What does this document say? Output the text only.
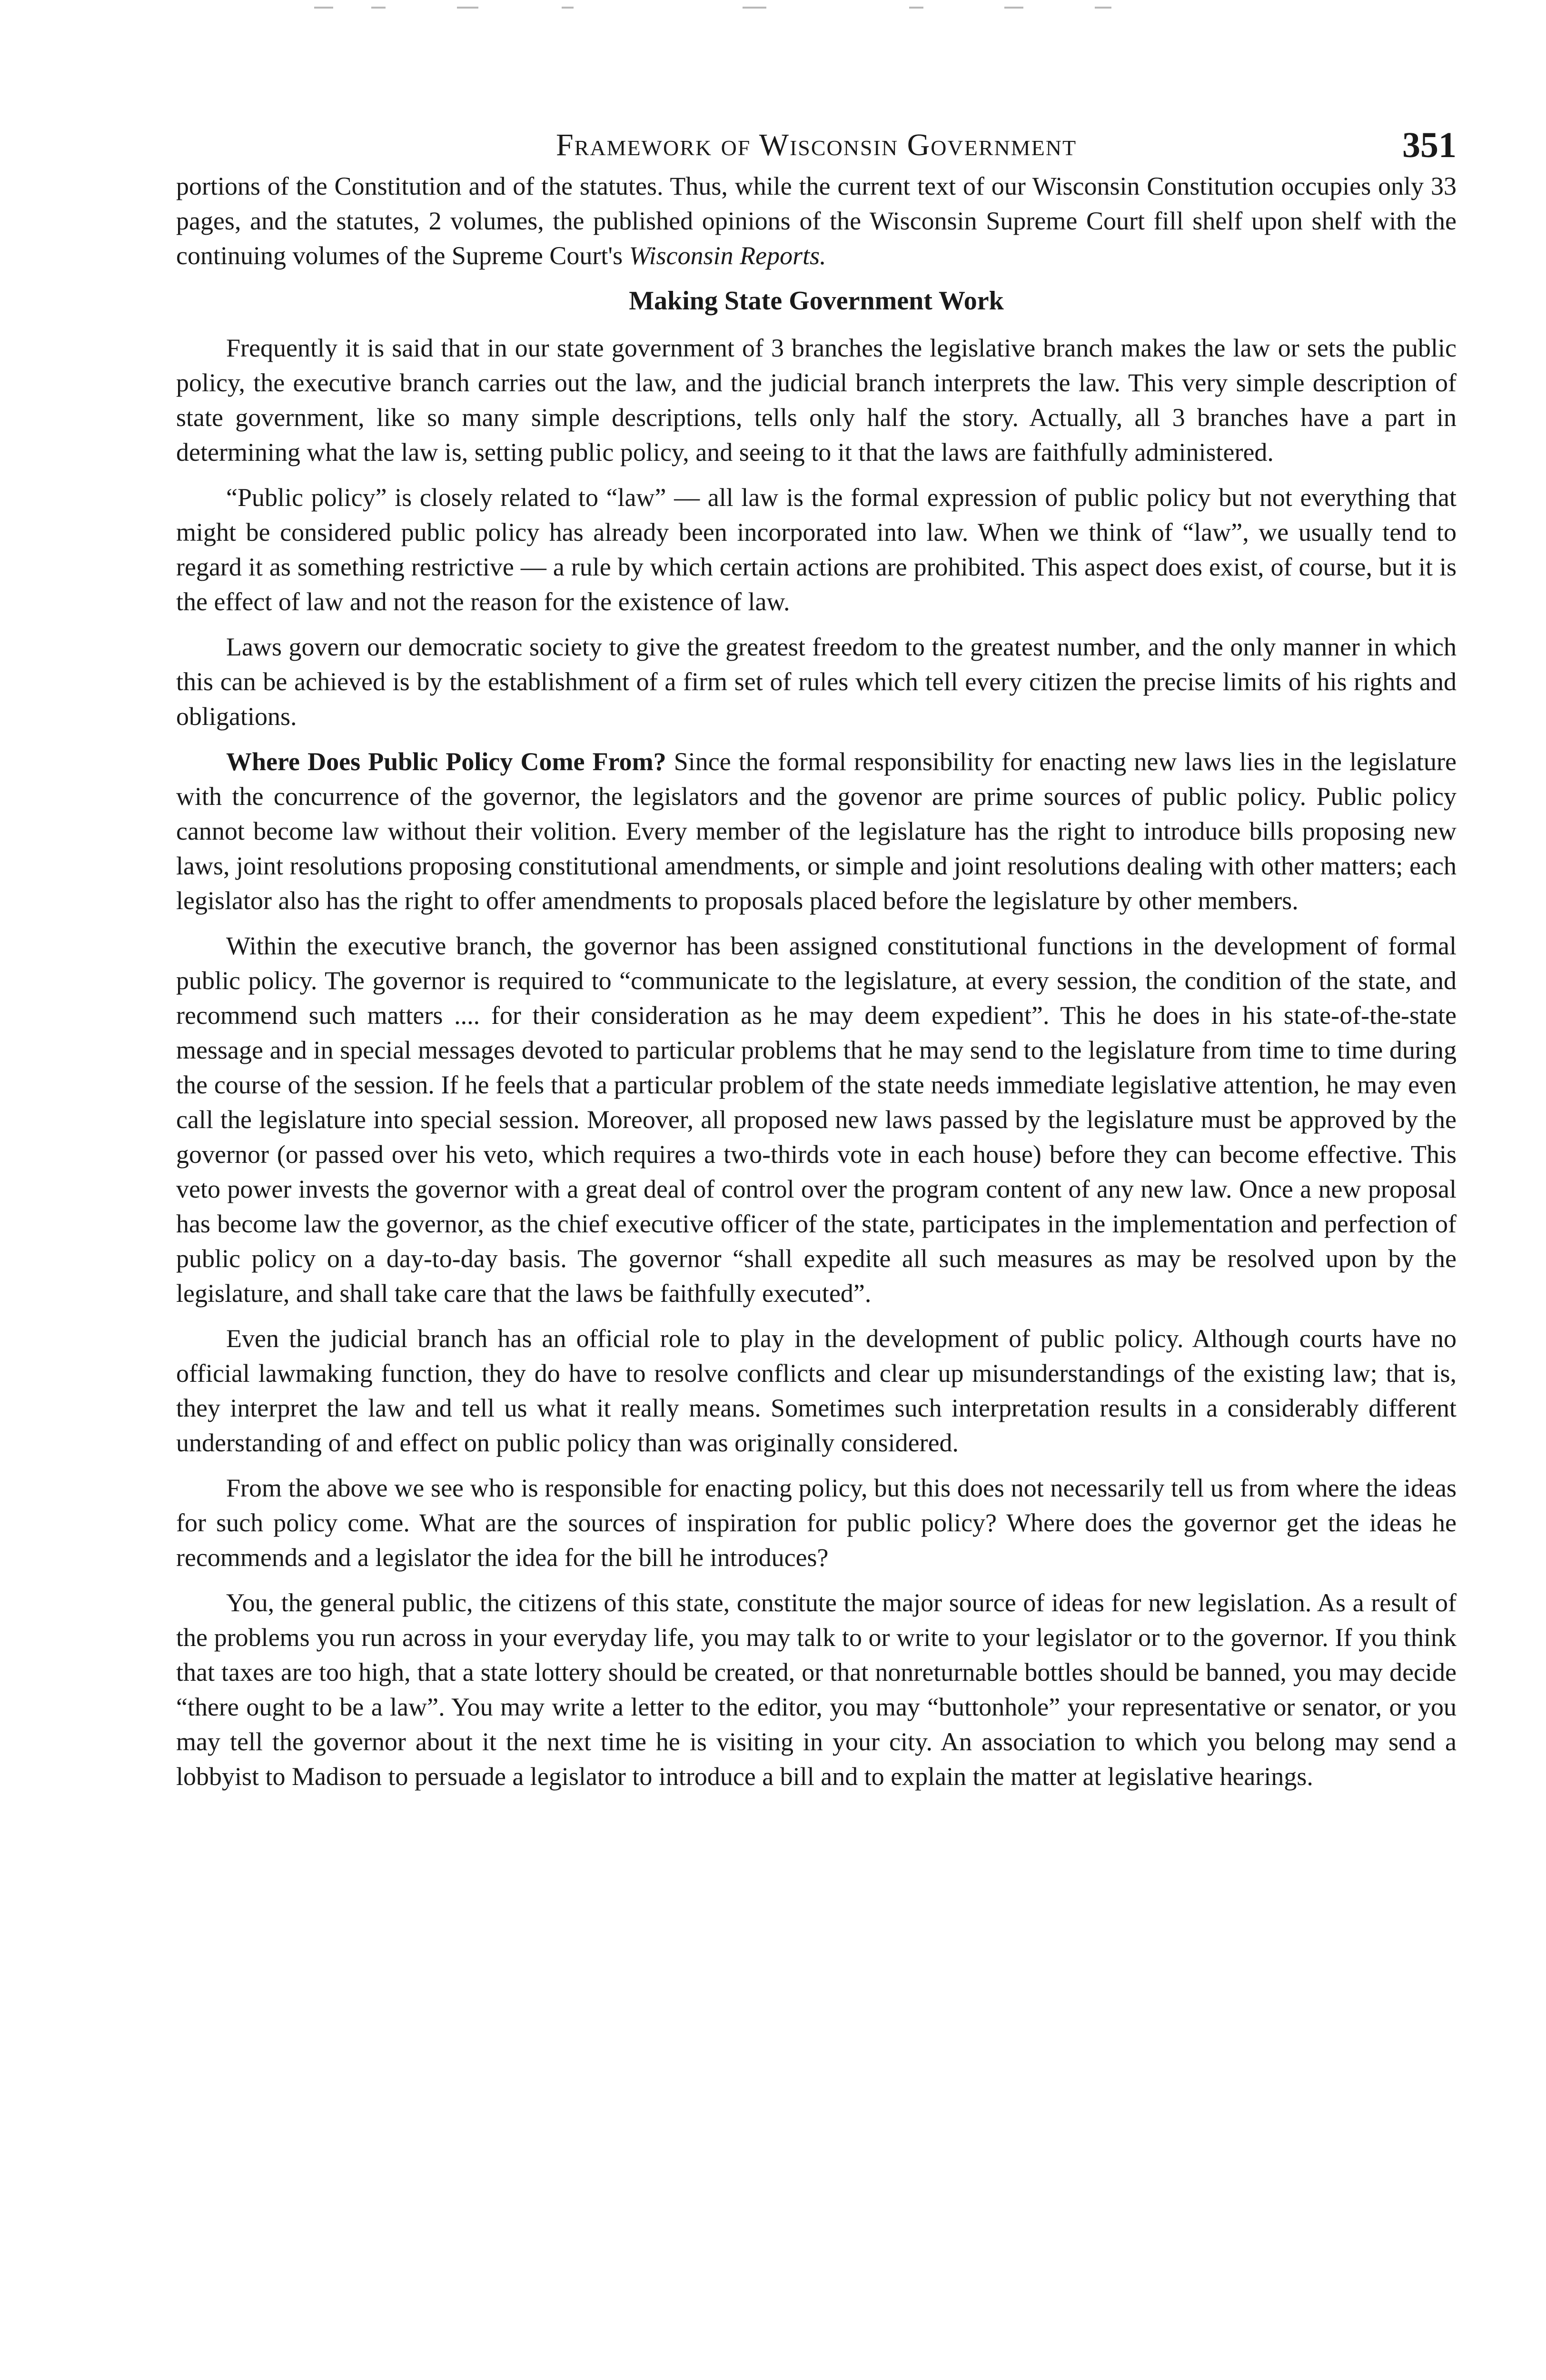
Framework of Wisconsin Government	351

portions of the Constitution and of the statutes. Thus, while the current text of our Wisconsin Constitution occupies only 33 pages, and the statutes, 2 volumes, the published opinions of the Wisconsin Supreme Court fill shelf upon shelf with the continuing volumes of the Supreme Court's Wisconsin Reports.

Making State Government Work

Frequently it is said that in our state government of 3 branches the legislative branch makes the law or sets the public policy, the executive branch carries out the law, and the judicial branch interprets the law. This very simple description of state government, like so many simple descriptions, tells only half the story. Actually, all 3 branches have a part in determining what the law is, setting public policy, and seeing to it that the laws are faithfully administered.

“Public policy” is closely related to “law” — all law is the formal expression of public policy but not everything that might be considered public policy has already been incorporated into law. When we think of “law”, we usually tend to regard it as something restrictive — a rule by which certain actions are prohibited. This aspect does exist, of course, but it is the effect of law and not the reason for the existence of law.

Laws govern our democratic society to give the greatest freedom to the greatest number, and the only manner in which this can be achieved is by the establishment of a firm set of rules which tell every citizen the precise limits of his rights and obligations.

Where Does Public Policy Come From? Since the formal responsibility for enacting new laws lies in the legislature with the concurrence of the governor, the legislators and the govenor are prime sources of public policy. Public policy cannot become law without their volition. Every member of the legislature has the right to introduce bills proposing new laws, joint resolutions proposing constitutional amendments, or simple and joint resolutions dealing with other matters; each legislator also has the right to offer amendments to proposals placed before the legislature by other members.

Within the executive branch, the governor has been assigned constitutional functions in the development of formal public policy. The governor is required to “communicate to the legislature, at every session, the condition of the state, and recommend such matters .... for their consideration as he may deem expedient”. This he does in his state-of-the-state message and in special messages devoted to particular problems that he may send to the legislature from time to time during the course of the session. If he feels that a particular problem of the state needs immediate legislative attention, he may even call the legislature into special session. Moreover, all proposed new laws passed by the legislature must be approved by the governor (or passed over his veto, which requires a two-thirds vote in each house) before they can become effective. This veto power invests the governor with a great deal of control over the program content of any new law. Once a new proposal has become law the governor, as the chief executive officer of the state, participates in the implementation and perfection of public policy on a day-to-day basis. The governor “shall expedite all such measures as may be resolved upon by the legislature, and shall take care that the laws be faithfully executed”.

Even the judicial branch has an official role to play in the development of public policy. Although courts have no official lawmaking function, they do have to resolve conflicts and clear up misunderstandings of the existing law; that is, they interpret the law and tell us what it really means. Sometimes such interpretation results in a considerably different understanding of and effect on public policy than was originally considered.

From the above we see who is responsible for enacting policy, but this does not necessarily tell us from where the ideas for such policy come. What are the sources of inspiration for public policy? Where does the governor get the ideas he recommends and a legislator the idea for the bill he introduces?

You, the general public, the citizens of this state, constitute the major source of ideas for new legislation. As a result of the problems you run across in your everyday life, you may talk to or write to your legislator or to the governor. If you think that taxes are too high, that a state lottery should be created, or that nonreturnable bottles should be banned, you may decide “there ought to be a law”. You may write a letter to the editor, you may “buttonhole” your representative or senator, or you may tell the governor about it the next time he is visiting in your city. An association to which you belong may send a lobbyist to Madison to persuade a legislator to introduce a bill and to explain the matter at legislative hearings.
